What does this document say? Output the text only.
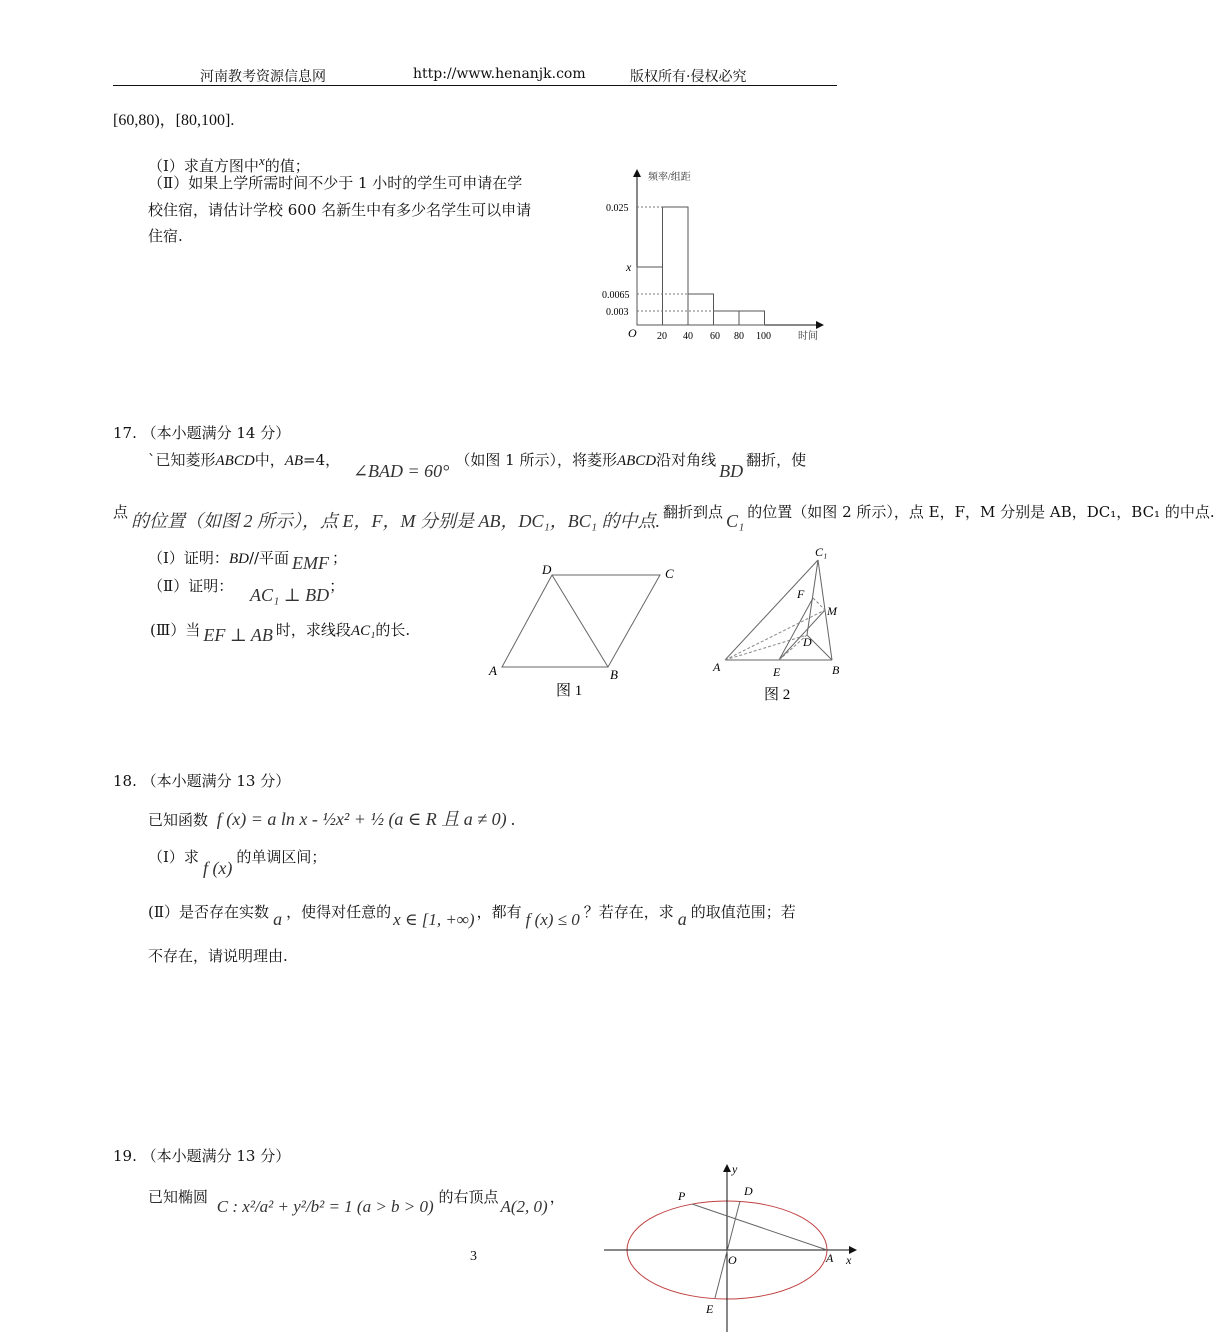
河南教考资源信息网	http://www.henanjk.com	版权所有·侵权必究
[60,80)，[80,100].
（Ⅰ）求直方图中$^x$的值；
（Ⅱ）如果上学所需时间不少于 1 小时的学生可申请在学
校住宿，请估计学校 600 名新生中有多少名学生可以申请
住宿.
频率/组距
0.025
x
0.0065
0.003
O 20 40 60 80 100	时间
17. （本小题满分 14 分）
`已知菱形ABCD中，AB=4， ∠BAD = 60°（如图 1 所示），将菱形ABCD沿对角线BD翻折，使
点 的位置（如图 2 所示），点 E，F，M 分别是 AB，DC₁，BC₁ 的中点. 翻折到点 C₁ 的位置（如图 2 所示），点 E，F，M 分别是 AB，DC₁，BC₁ 的中点.
（Ⅰ）证明：BD//平面 EMF ；
（Ⅱ）证明： AC₁ ⊥ BD；
(Ⅲ）当 EF ⊥ AB 时，求线段AC₁的长.
A	B
C
D
图 1
C₁
F
M
D
A	E	B
图 2
18. （本小题满分 13 分）
已知函数 f (x) = a ln x - ½x² + ½ (a ∈ R 且 a ≠ 0) .
（Ⅰ）求f (x)的单调区间；
(Ⅱ）是否存在实数 a ，使得对任意的 x ∈ [1, +∞) ，都有 f (x) ≤ 0 ？若存在，求 a 的取值范围；若
不存在，请说明理由.
19. （本小题满分 13 分）
已知椭圆 C : x²/a² + y²/b² = 1 (a > b > 0) 的右顶点 A(2, 0) ，
y
x
O	A
P	D
E
3
